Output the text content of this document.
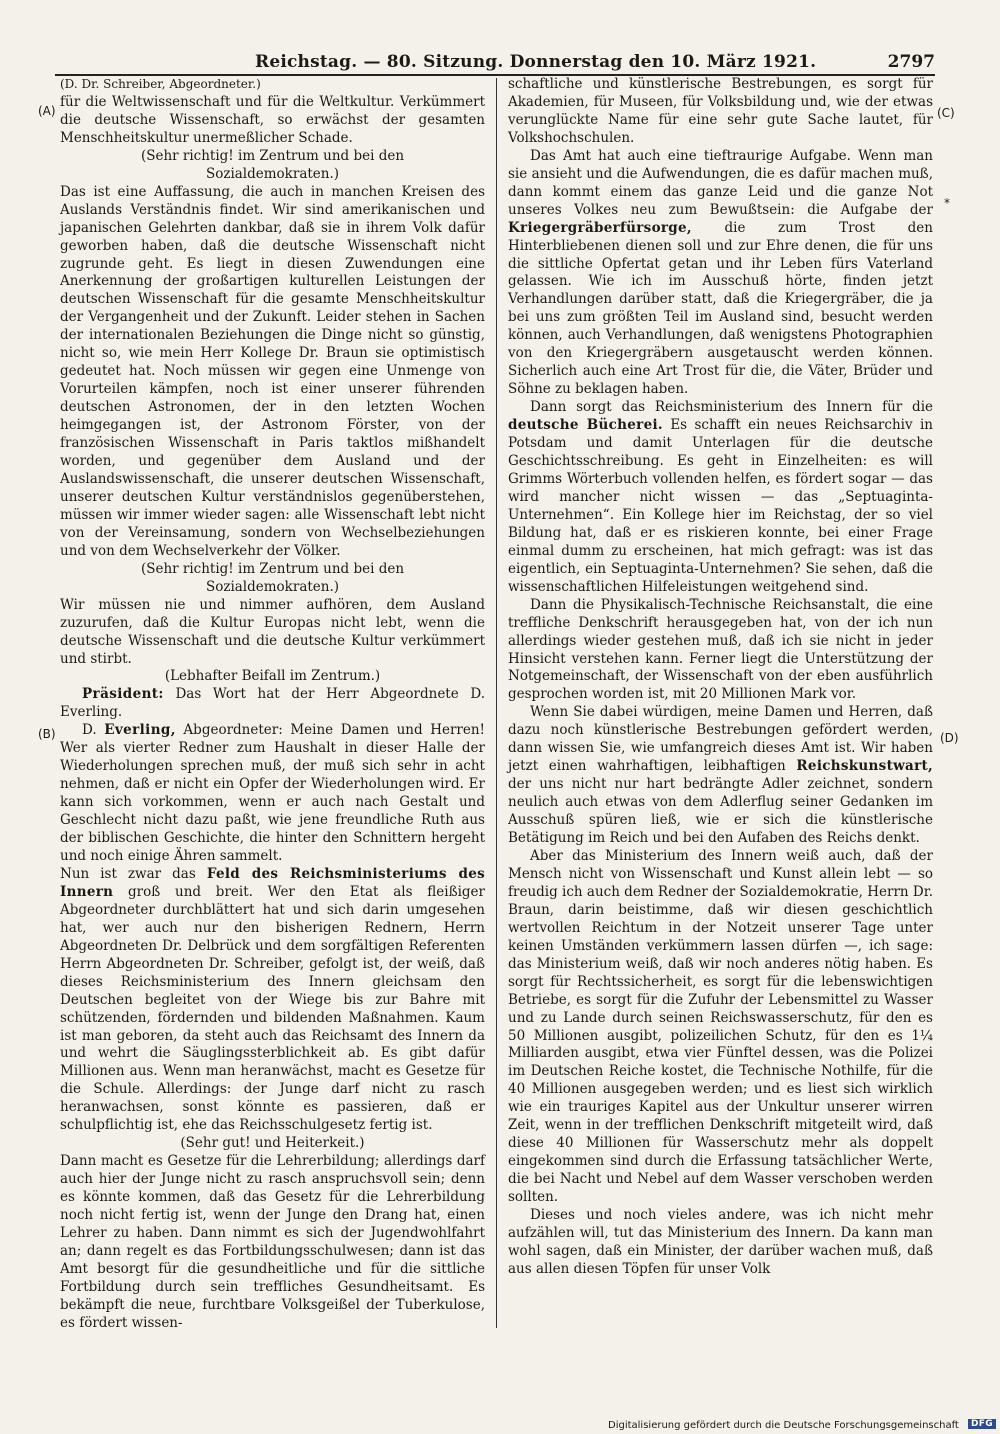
Reichstag. — 80. Sitzung. Donnerstag den 10. März 1921.	2797
(A)
(B)
(C)
(D)
*

(D. Dr. Schreiber, Abgeordneter.)

für die Weltwissenschaft und für die Weltkultur. Verkümmert die deutsche Wissenschaft, so erwächst der gesamten Menschheitskultur unermeßlicher Schade.

(Sehr richtig! im Zentrum und bei den Sozialdemokraten.)

Das ist eine Auffassung, die auch in manchen Kreisen des Auslands Verständnis findet. Wir sind amerikanischen und japanischen Gelehrten dankbar, daß sie in ihrem Volk dafür geworben haben, daß die deutsche Wissenschaft nicht zugrunde geht. Es liegt in diesen Zuwendungen eine Anerkennung der großartigen kulturellen Leistungen der deutschen Wissenschaft für die gesamte Menschheitskultur der Vergangenheit und der Zukunft. Leider stehen in Sachen der internationalen Beziehungen die Dinge nicht so günstig, nicht so, wie mein Herr Kollege Dr. Braun sie optimistisch gedeutet hat. Noch müssen wir gegen eine Unmenge von Vorurteilen kämpfen, noch ist einer unserer führenden deutschen Astronomen, der in den letzten Wochen heimgegangen ist, der Astronom Förster, von der französischen Wissenschaft in Paris taktlos mißhandelt worden, und gegenüber dem Ausland und der Auslandswissenschaft, die unserer deutschen Wissenschaft, unserer deutschen Kultur verständnislos gegenüberstehen, müssen wir immer wieder sagen: alle Wissenschaft lebt nicht von der Vereinsamung, sondern von Wechselbeziehungen und von dem Wechselverkehr der Völker.

(Sehr richtig! im Zentrum und bei den Sozialdemokraten.)

Wir müssen nie und nimmer aufhören, dem Ausland zuzurufen, daß die Kultur Europas nicht lebt, wenn die deutsche Wissenschaft und die deutsche Kultur verkümmert und stirbt.

(Lebhafter Beifall im Zentrum.)

Präsident: Das Wort hat der Herr Abgeordnete D. Everling.

D. Everling, Abgeordneter: Meine Damen und Herren! Wer als vierter Redner zum Haushalt in dieser Halle der Wiederholungen sprechen muß, der muß sich sehr in acht nehmen, daß er nicht ein Opfer der Wiederholungen wird. Er kann sich vorkommen, wenn er auch nach Gestalt und Geschlecht nicht dazu paßt, wie jene freundliche Ruth aus der biblischen Geschichte, die hinter den Schnittern hergeht und noch einige Ähren sammelt.

Nun ist zwar das Feld des Reichsministeriums des Innern groß und breit. Wer den Etat als fleißiger Abgeordneter durchblättert hat und sich darin umgesehen hat, wer auch nur den bisherigen Rednern, Herrn Abgeordneten Dr. Delbrück und dem sorgfältigen Referenten Herrn Abgeordneten Dr. Schreiber, gefolgt ist, der weiß, daß dieses Reichsministerium des Innern gleichsam den Deutschen begleitet von der Wiege bis zur Bahre mit schützenden, fördernden und bildenden Maßnahmen. Kaum ist man geboren, da steht auch das Reichsamt des Innern da und wehrt die Säuglingssterblichkeit ab. Es gibt dafür Millionen aus. Wenn man heranwächst, macht es Gesetze für die Schule. Allerdings: der Junge darf nicht zu rasch heranwachsen, sonst könnte es passieren, daß er schulpflichtig ist, ehe das Reichsschulgesetz fertig ist.

(Sehr gut! und Heiterkeit.)

Dann macht es Gesetze für die Lehrerbildung; allerdings darf auch hier der Junge nicht zu rasch anspruchsvoll sein; denn es könnte kommen, daß das Gesetz für die Lehrerbildung noch nicht fertig ist, wenn der Junge den Drang hat, einen Lehrer zu haben. Dann nimmt es sich der Jugendwohlfahrt an; dann regelt es das Fortbildungsschulwesen; dann ist das Amt besorgt für die gesundheitliche und für die sittliche Fortbildung durch sein treffliches Gesundheitsamt. Es bekämpft die neue, furchtbare Volksgeißel der Tuberkulose, es fördert wissen-

schaftliche und künstlerische Bestrebungen, es sorgt für Akademien, für Museen, für Volksbildung und, wie der etwas verunglückte Name für eine sehr gute Sache lautet, für Volkshochschulen.

Das Amt hat auch eine tieftraurige Aufgabe. Wenn man sie ansieht und die Aufwendungen, die es dafür machen muß, dann kommt einem das ganze Leid und die ganze Not unseres Volkes neu zum Bewußtsein: die Aufgabe der Kriegergräberfürsorge, die zum Trost den Hinterbliebenen dienen soll und zur Ehre denen, die für uns die sittliche Opfertat getan und ihr Leben fürs Vaterland gelassen. Wie ich im Ausschuß hörte, finden jetzt Verhandlungen darüber statt, daß die Kriegergräber, die ja bei uns zum größten Teil im Ausland sind, besucht werden können, auch Verhandlungen, daß wenigstens Photographien von den Kriegergräbern ausgetauscht werden können. Sicherlich auch eine Art Trost für die, die Väter, Brüder und Söhne zu beklagen haben.

Dann sorgt das Reichsministerium des Innern für die deutsche Bücherei. Es schafft ein neues Reichsarchiv in Potsdam und damit Unterlagen für die deutsche Geschichtsschreibung. Es geht in Einzelheiten: es will Grimms Wörterbuch vollenden helfen, es fördert sogar — das wird mancher nicht wissen — das „Septuaginta-Unternehmen“. Ein Kollege hier im Reichstag, der so viel Bildung hat, daß er es riskieren konnte, bei einer Frage einmal dumm zu erscheinen, hat mich gefragt: was ist das eigentlich, ein Septuaginta-Unternehmen? Sie sehen, daß die wissenschaftlichen Hilfeleistungen weitgehend sind.

Dann die Physikalisch-Technische Reichsanstalt, die eine treffliche Denkschrift herausgegeben hat, von der ich nun allerdings wieder gestehen muß, daß ich sie nicht in jeder Hinsicht verstehen kann. Ferner liegt die Unterstützung der Notgemeinschaft, der Wissenschaft von der eben ausführlich gesprochen worden ist, mit 20 Millionen Mark vor.

Wenn Sie dabei würdigen, meine Damen und Herren, daß dazu noch künstlerische Bestrebungen gefördert werden, dann wissen Sie, wie umfangreich dieses Amt ist. Wir haben jetzt einen wahrhaftigen, leibhaftigen Reichskunstwart, der uns nicht nur hart bedrängte Adler zeichnet, sondern neulich auch etwas von dem Adlerflug seiner Gedanken im Ausschuß spüren ließ, wie er sich die künstlerische Betätigung im Reich und bei den Aufaben des Reichs denkt.

Aber das Ministerium des Innern weiß auch, daß der Mensch nicht von Wissenschaft und Kunst allein lebt — so freudig ich auch dem Redner der Sozialdemokratie, Herrn Dr. Braun, darin beistimme, daß wir diesen geschichtlich wertvollen Reichtum in der Notzeit unserer Tage unter keinen Umständen verkümmern lassen dürfen —, ich sage: das Ministerium weiß, daß wir noch anderes nötig haben. Es sorgt für Rechtssicherheit, es sorgt für die lebenswichtigen Betriebe, es sorgt für die Zufuhr der Lebensmittel zu Wasser und zu Lande durch seinen Reichswasserschutz, für den es 50 Millionen ausgibt, polizeilichen Schutz, für den es 1¼ Milliarden ausgibt, etwa vier Fünftel dessen, was die Polizei im Deutschen Reiche kostet, die Technische Nothilfe, für die 40 Millionen ausgegeben werden; und es liest sich wirklich wie ein trauriges Kapitel aus der Unkultur unserer wirren Zeit, wenn in der trefflichen Denkschrift mitgeteilt wird, daß diese 40 Millionen für Wasserschutz mehr als doppelt eingekommen sind durch die Erfassung tatsächlicher Werte, die bei Nacht und Nebel auf dem Wasser verschoben werden sollten.

Dieses und noch vieles andere, was ich nicht mehr aufzählen will, tut das Ministerium des Innern. Da kann man wohl sagen, daß ein Minister, der darüber wachen muß, daß aus allen diesen Töpfen für unser Volk

Digitalisierung gefördert durch die Deutsche Forschungsgemeinschaft	DFG
